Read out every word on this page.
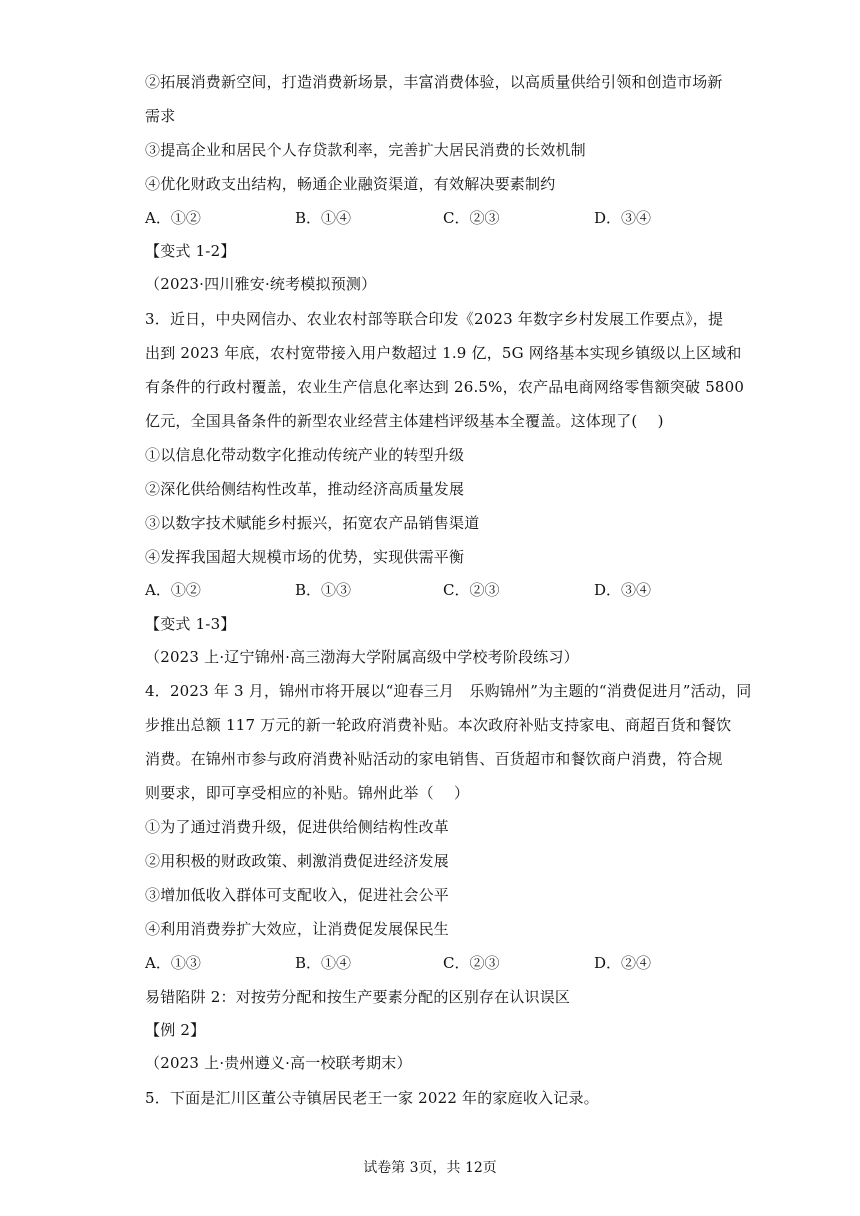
②拓展消费新空间，打造消费新场景，丰富消费体验，以高质量供给引领和创造市场新
需求
③提高企业和居民个人存贷款利率，完善扩大居民消费的长效机制
④优化财政支出结构，畅通企业融资渠道，有效解决要素制约
A．①②	B．①④	C．②③	D．③④
【变式 1-2】
（2023·四川雅安·统考模拟预测）
3．近日，中央网信办、农业农村部等联合印发《2023 年数字乡村发展工作要点》，提
出到 2023 年底，农村宽带接入用户数超过 1.9 亿，5G 网络基本实现乡镇级以上区域和
有条件的行政村覆盖，农业生产信息化率达到 26.5%，农产品电商网络零售额突破 5800
亿元，全国具备条件的新型农业经营主体建档评级基本全覆盖。这体现了(　 )
①以信息化带动数字化推动传统产业的转型升级
②深化供给侧结构性改革，推动经济高质量发展
③以数字技术赋能乡村振兴，拓宽农产品销售渠道
④发挥我国超大规模市场的优势，实现供需平衡
A．①②	B．①③	C．②③	D．③④
【变式 1-3】
（2023 上·辽宁锦州·高三渤海大学附属高级中学校考阶段练习）
4．2023 年 3 月，锦州市将开展以“迎春三月　乐购锦州”为主题的“消费促进月”活动，同
步推出总额 117 万元的新一轮政府消费补贴。本次政府补贴支持家电、商超百货和餐饮
消费。在锦州市参与政府消费补贴活动的家电销售、百货超市和餐饮商户消费，符合规
则要求，即可享受相应的补贴。锦州此举（　 ）
①为了通过消费升级，促进供给侧结构性改革
②用积极的财政政策、刺激消费促进经济发展
③增加低收入群体可支配收入，促进社会公平
④利用消费券扩大效应，让消费促发展保民生
A．①③	B．①④	C．②③	D．②④
易错陷阱 2：对按劳分配和按生产要素分配的区别存在认识误区
【例 2】
（2023 上·贵州遵义·高一校联考期末）
5．下面是汇川区董公寺镇居民老王一家 2022 年的家庭收入记录。
试卷第 3页，共 12页
